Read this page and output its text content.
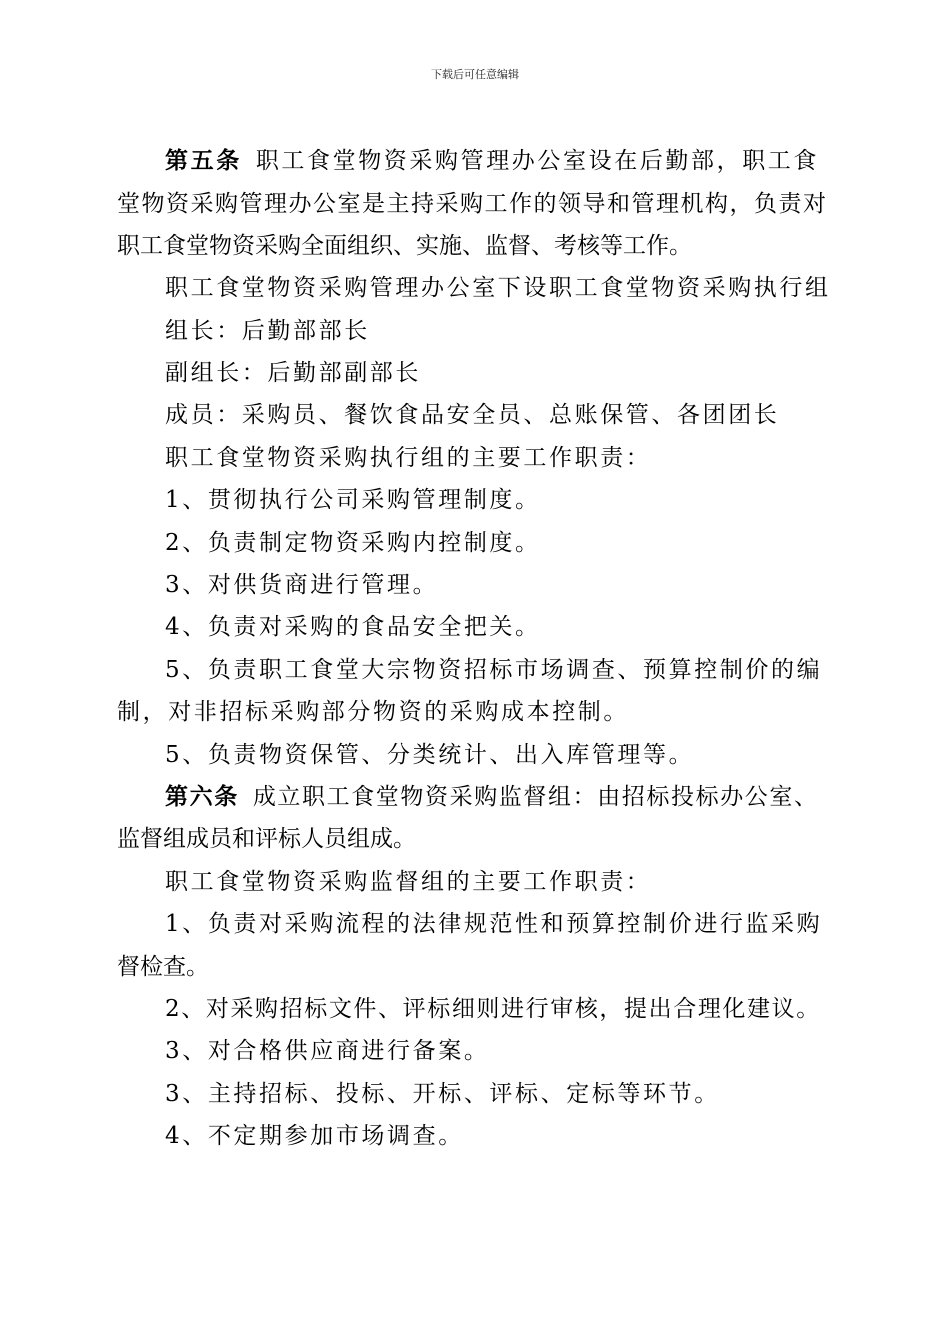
下载后可任意编辑
第五条 职工食堂物资采购管理办公室设在后勤部，职工食
堂物资采购管理办公室是主持采购工作的领导和管理机构，负责对
职工食堂物资采购全面组织、实施、监督、考核等工作。
职工食堂物资采购管理办公室下设职工食堂物资采购执行组
组长：后勤部部长
副组长：后勤部副部长
成员：采购员、餐饮食品安全员、总账保管、各团团长
职工食堂物资采购执行组的主要工作职责：
1、贯彻执行公司采购管理制度。
2、负责制定物资采购内控制度。
3、对供货商进行管理。
4、负责对采购的食品安全把关。
5、负责职工食堂大宗物资招标市场调查、预算控制价的编
制，对非招标采购部分物资的采购成本控制。
5、负责物资保管、分类统计、出入库管理等。
第六条 成立职工食堂物资采购监督组：由招标投标办公室、
监督组成员和评标人员组成。
职工食堂物资采购监督组的主要工作职责：
1、负责对采购流程的法律规范性和预算控制价进行监采购
督检查。
2、对采购招标文件、评标细则进行审核，提出合理化建议。
3、对合格供应商进行备案。
3、主持招标、投标、开标、评标、定标等环节。
4、不定期参加市场调查。
